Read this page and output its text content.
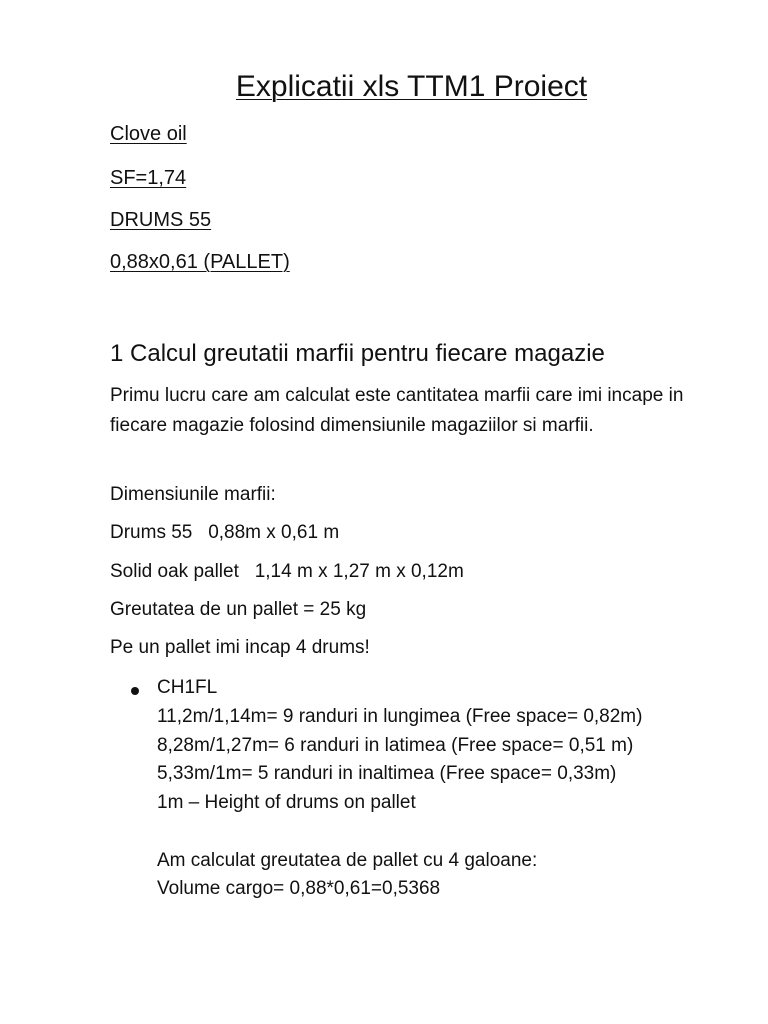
Explicatii xls TTM1 Proiect
Clove oil
SF=1,74
DRUMS 55
0,88x0,61 (PALLET)
1 Calcul greutatii marfii pentru fiecare magazie
Primu lucru care am calculat este cantitatea marfii care imi incape in fiecare magazie folosind dimensiunile magaziilor si marfii.
Dimensiunile marfii:
Drums 55   0,88m x 0,61 m
Solid oak pallet   1,14 m x 1,27 m x 0,12m
Greutatea de un pallet = 25 kg
Pe un pallet imi incap 4 drums!
CH1FL
11,2m/1,14m= 9 randuri in lungimea (Free space= 0,82m)
8,28m/1,27m= 6 randuri in latimea (Free space= 0,51 m)
5,33m/1m= 5 randuri in inaltimea (Free space= 0,33m)
1m – Height of drums on pallet
Am calculat greutatea de pallet cu 4 galoane:
Volume cargo= 0,88*0,61=0,5368
